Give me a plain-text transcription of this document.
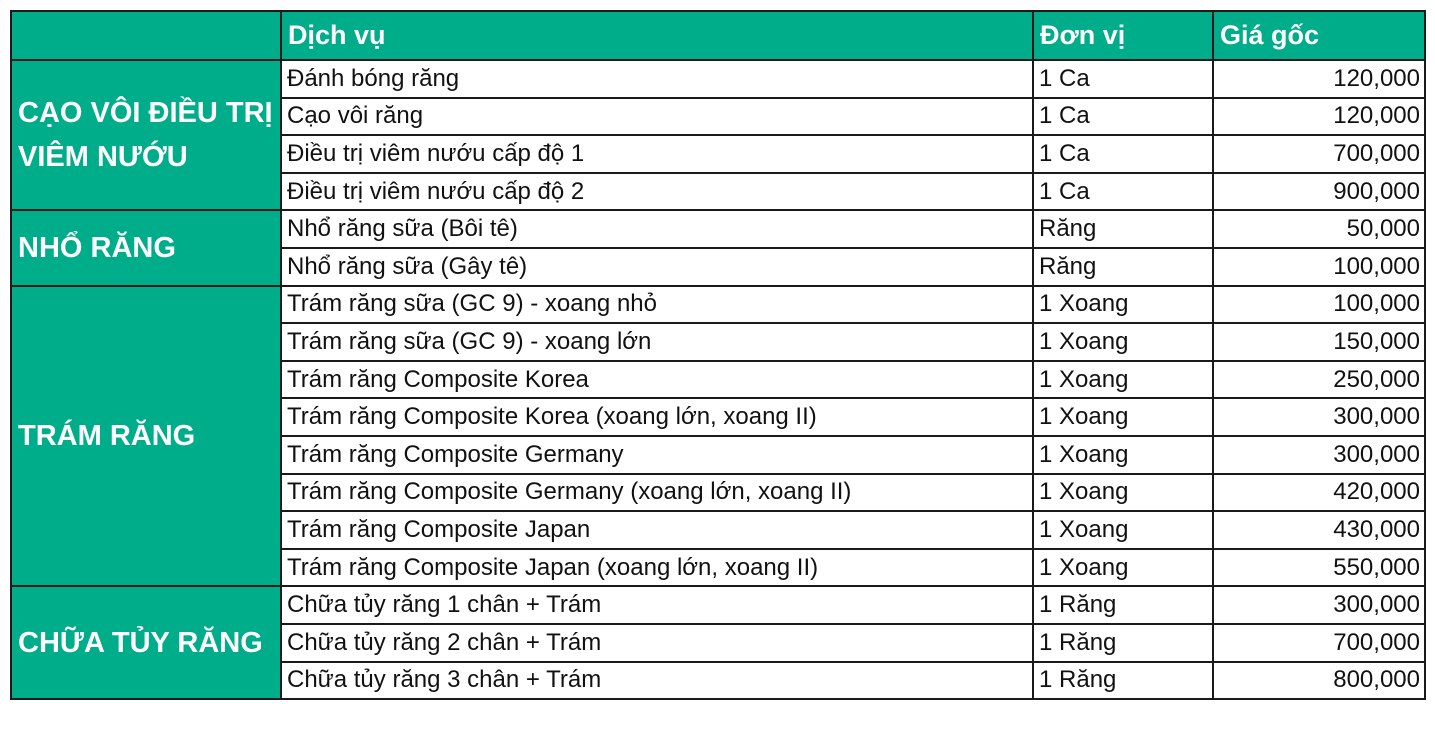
	Dịch vụ	Đơn vị	Giá gốc
CẠO VÔI ĐIỀU TRỊ VIÊM NƯỚU	Đánh bóng răng	1 Ca	120,000
	Cạo vôi răng	1 Ca	120,000
	Điều trị viêm nướu cấp độ 1	1 Ca	700,000
	Điều trị viêm nướu cấp độ 2	1 Ca	900,000
NHỔ RĂNG	Nhổ răng sữa (Bôi tê)	Răng	50,000
	Nhổ răng sữa (Gây tê)	Răng	100,000
TRÁM RĂNG	Trám răng sữa (GC 9) - xoang nhỏ	1 Xoang	100,000
	Trám răng sữa (GC 9) - xoang lớn	1 Xoang	150,000
	Trám răng Composite Korea	1 Xoang	250,000
	Trám răng Composite Korea (xoang lớn, xoang II)	1 Xoang	300,000
	Trám răng Composite Germany	1 Xoang	300,000
	Trám răng Composite Germany (xoang lớn, xoang II)	1 Xoang	420,000
	Trám răng Composite Japan	1 Xoang	430,000
	Trám răng Composite Japan (xoang lớn, xoang II)	1 Xoang	550,000
CHỮA TỦY RĂNG	Chữa tủy răng 1 chân + Trám	1 Răng	300,000
	Chữa tủy răng 2 chân + Trám	1 Răng	700,000
	Chữa tủy răng 3 chân + Trám	1 Răng	800,000
